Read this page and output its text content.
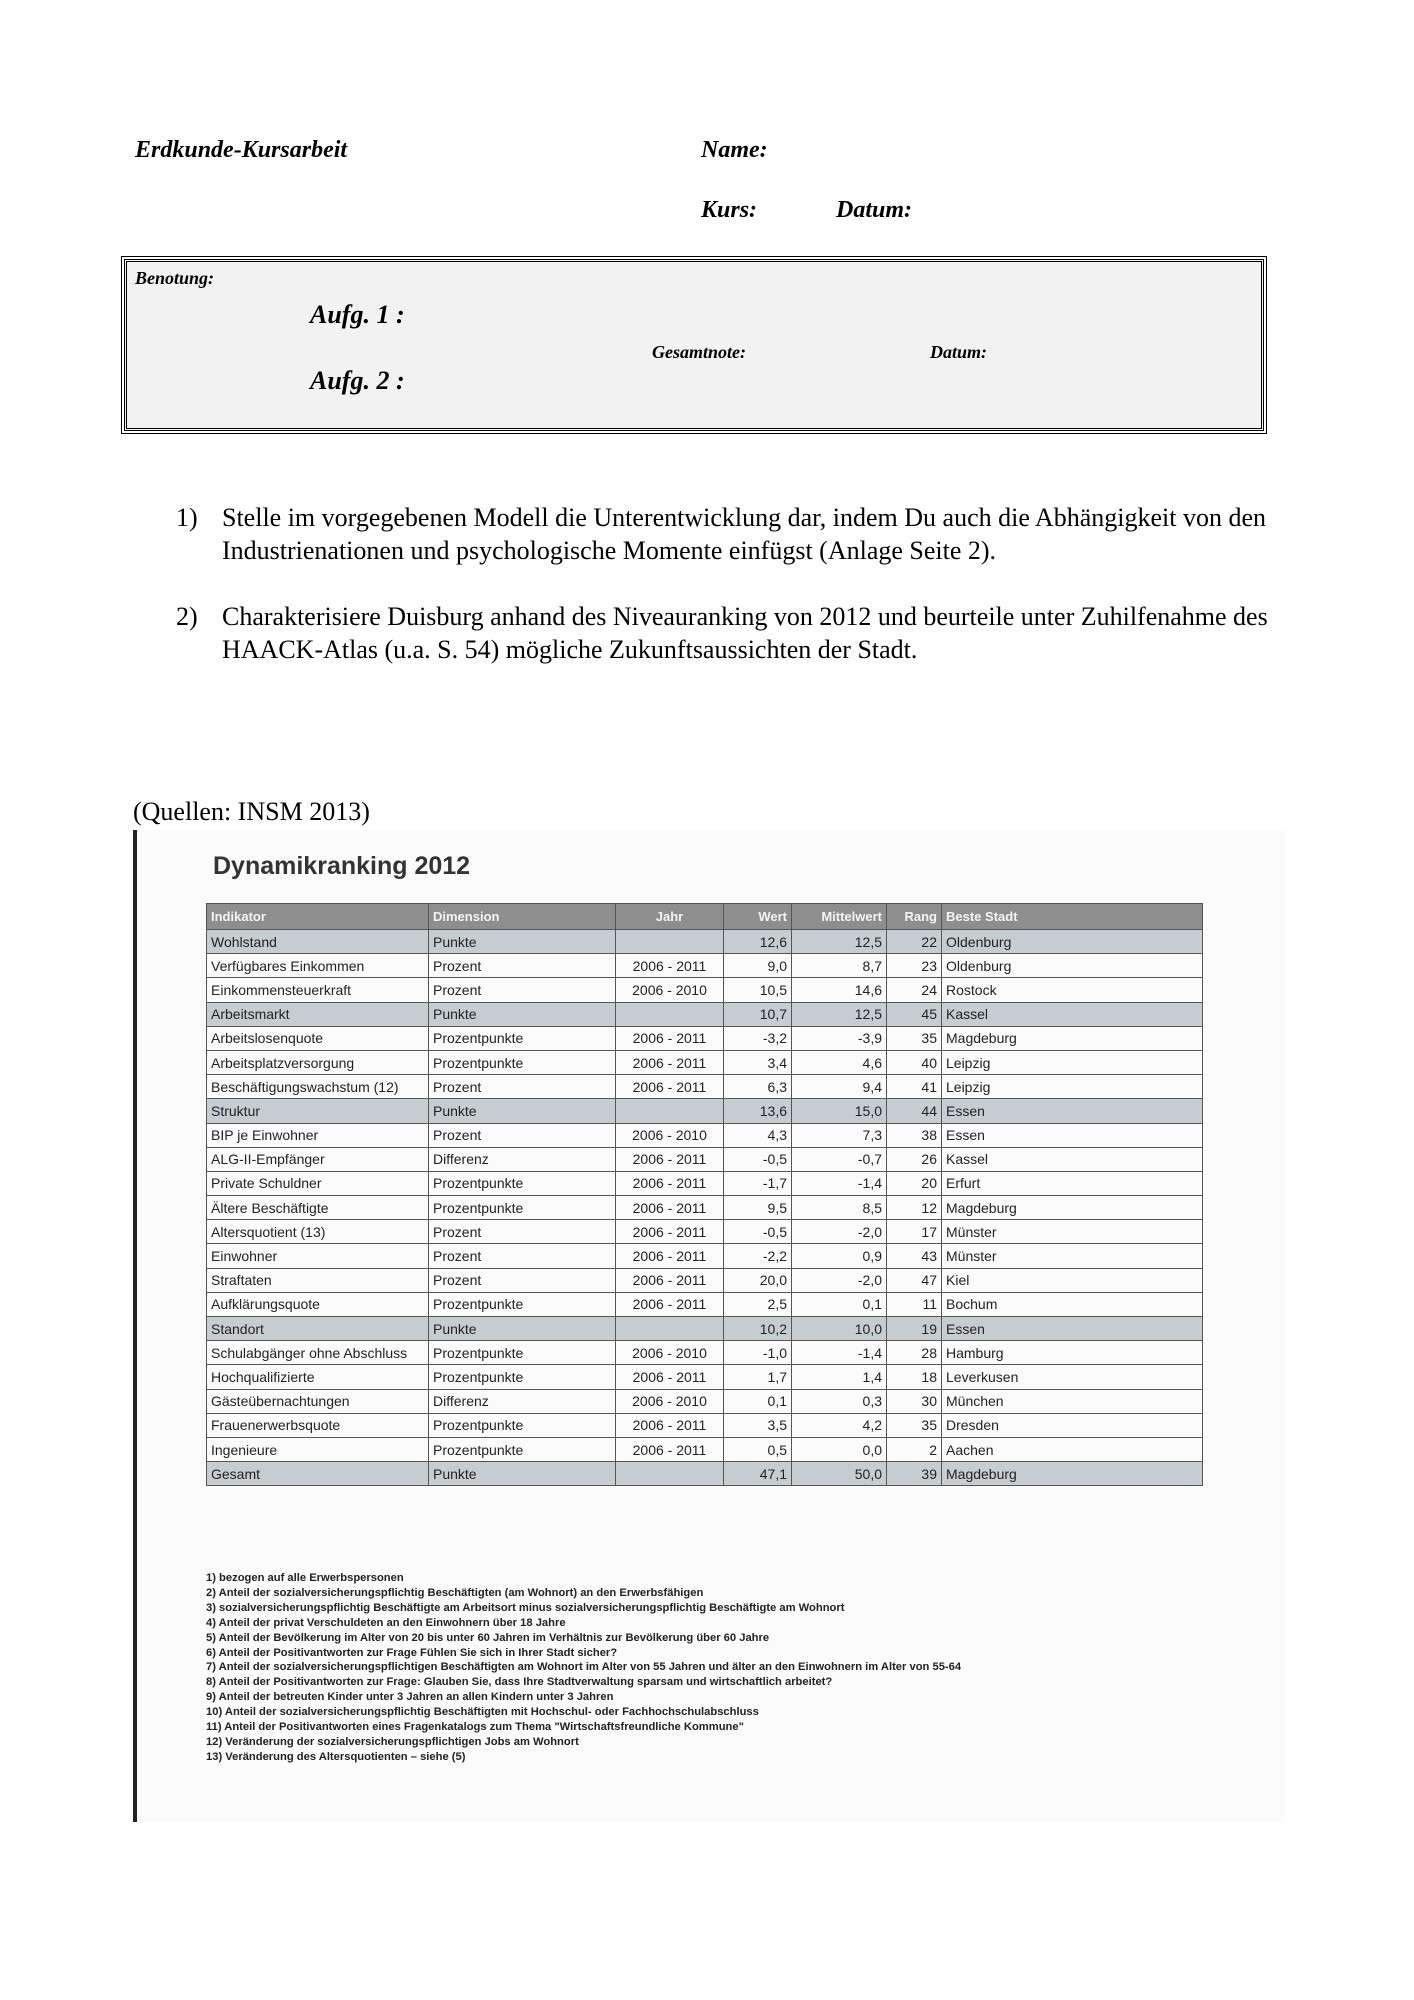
Erdkunde-Kursarbeit	Name:
Kurs:	Datum:
Benotung:
Aufg. 1 :
Aufg. 2 :
Gesamtnote:	Datum:
1) Stelle im vorgegebenen Modell die Unterentwicklung dar, indem Du auch die Abhängigkeit von den Industrienationen und psychologische Momente einfügst (Anlage Seite 2).
2) Charakterisiere Duisburg anhand des Niveauranking von 2012 und beurteile unter Zuhilfenahme des HAACK-Atlas (u.a. S. 54) mögliche Zukunftsaussichten der Stadt.
(Quellen: INSM 2013)
Dynamikranking 2012
Indikator	Dimension	Jahr	Wert	Mittelwert	Rang	Beste Stadt
Wohlstand	Punkte		12,6	12,5	22	Oldenburg
Verfügbares Einkommen	Prozent	2006 - 2011	9,0	8,7	23	Oldenburg
Einkommensteuerkraft	Prozent	2006 - 2010	10,5	14,6	24	Rostock
Arbeitsmarkt	Punkte		10,7	12,5	45	Kassel
Arbeitslosenquote	Prozentpunkte	2006 - 2011	-3,2	-3,9	35	Magdeburg
Arbeitsplatzversorgung	Prozentpunkte	2006 - 2011	3,4	4,6	40	Leipzig
Beschäftigungswachstum (12)	Prozent	2006 - 2011	6,3	9,4	41	Leipzig
Struktur	Punkte		13,6	15,0	44	Essen
BIP je Einwohner	Prozent	2006 - 2010	4,3	7,3	38	Essen
ALG-II-Empfänger	Differenz	2006 - 2011	-0,5	-0,7	26	Kassel
Private Schuldner	Prozentpunkte	2006 - 2011	-1,7	-1,4	20	Erfurt
Ältere Beschäftigte	Prozentpunkte	2006 - 2011	9,5	8,5	12	Magdeburg
Altersquotient (13)	Prozent	2006 - 2011	-0,5	-2,0	17	Münster
Einwohner	Prozent	2006 - 2011	-2,2	0,9	43	Münster
Straftaten	Prozent	2006 - 2011	20,0	-2,0	47	Kiel
Aufklärungsquote	Prozentpunkte	2006 - 2011	2,5	0,1	11	Bochum
Standort	Punkte		10,2	10,0	19	Essen
Schulabgänger ohne Abschluss	Prozentpunkte	2006 - 2010	-1,0	-1,4	28	Hamburg
Hochqualifizierte	Prozentpunkte	2006 - 2011	1,7	1,4	18	Leverkusen
Gästeübernachtungen	Differenz	2006 - 2010	0,1	0,3	30	München
Frauenerwerbsquote	Prozentpunkte	2006 - 2011	3,5	4,2	35	Dresden
Ingenieure	Prozentpunkte	2006 - 2011	0,5	0,0	2	Aachen
Gesamt	Punkte		47,1	50,0	39	Magdeburg
1) bezogen auf alle Erwerbspersonen
2) Anteil der sozialversicherungspflichtig Beschäftigten (am Wohnort) an den Erwerbsfähigen
3) sozialversicherungspflichtig Beschäftigte am Arbeitsort minus sozialversicherungspflichtig Beschäftigte am Wohnort
4) Anteil der privat Verschuldeten an den Einwohnern über 18 Jahre
5) Anteil der Bevölkerung im Alter von 20 bis unter 60 Jahren im Verhältnis zur Bevölkerung über 60 Jahre
6) Anteil der Positivantworten zur Frage Fühlen Sie sich in Ihrer Stadt sicher?
7) Anteil der sozialversicherungspflichtigen Beschäftigten am Wohnort im Alter von 55 Jahren und älter an den Einwohnern im Alter von 55-64
8) Anteil der Positivantworten zur Frage: Glauben Sie, dass Ihre Stadtverwaltung sparsam und wirtschaftlich arbeitet?
9) Anteil der betreuten Kinder unter 3 Jahren an allen Kindern unter 3 Jahren
10) Anteil der sozialversicherungspflichtig Beschäftigten mit Hochschul- oder Fachhochschulabschluss
11) Anteil der Positivantworten eines Fragenkatalogs zum Thema "Wirtschaftsfreundliche Kommune"
12) Veränderung der sozialversicherungspflichtigen Jobs am Wohnort
13) Veränderung des Altersquotienten – siehe (5)
